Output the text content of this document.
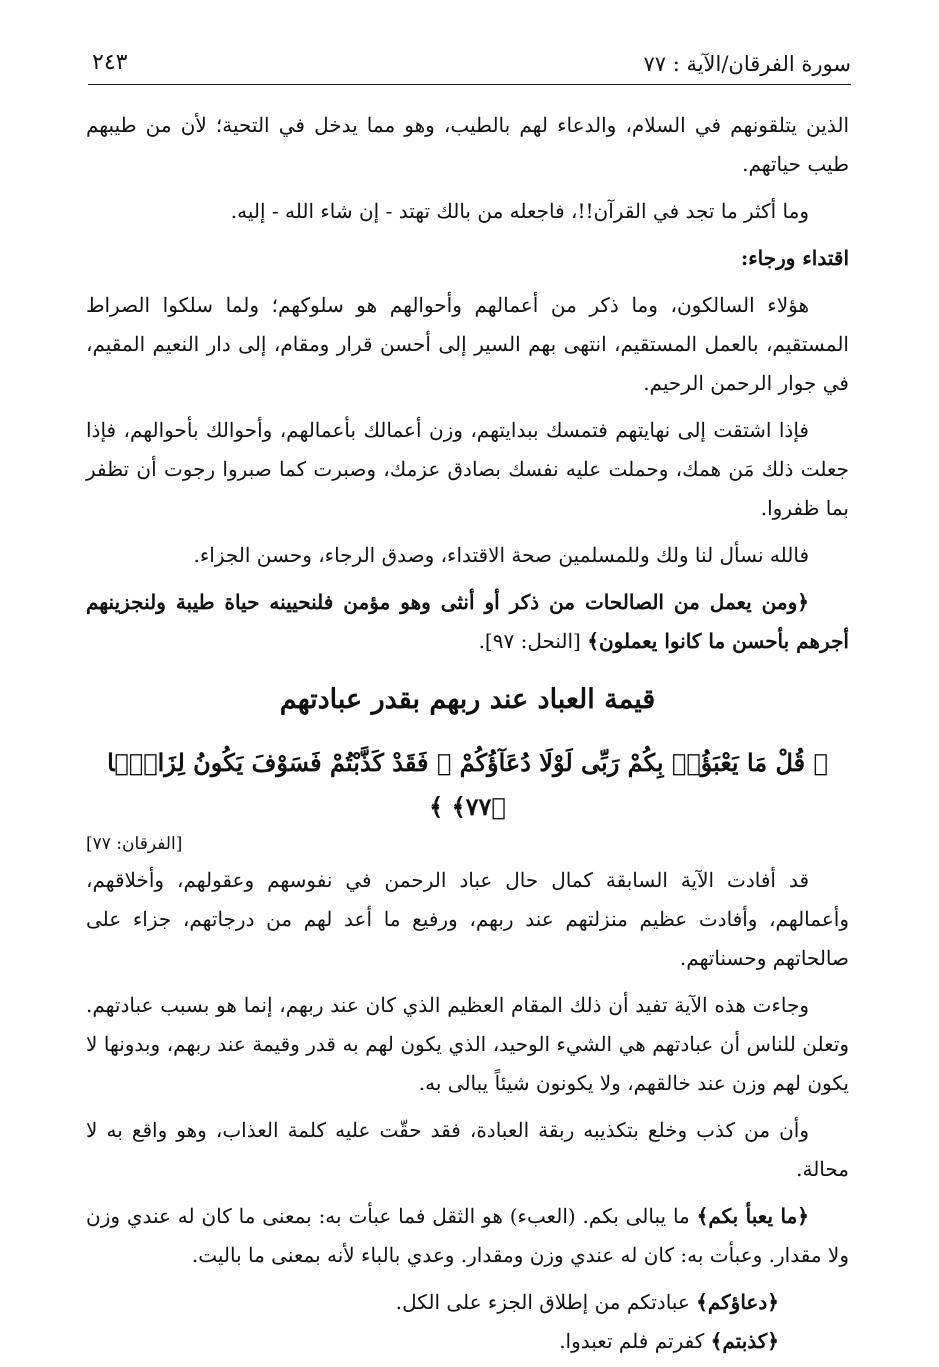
سورة الفرقان/الآية : ٧٧
٢٤٣

الذين يتلقونهم في السلام، والدعاء لهم بالطيب، وهو مما يدخل في التحية؛ لأن من طيبهم طيب حياتهم.

وما أكثر ما تجد في القرآن!!، فاجعله من بالك تهتد - إن شاء الله - إليه.

اقتداء ورجاء:

هؤلاء السالكون، وما ذكر من أعمالهم وأحوالهم هو سلوكهم؛ ولما سلكوا الصراط المستقيم، بالعمل المستقيم، انتهى بهم السير إلى أحسن قرار ومقام، إلى دار النعيم المقيم، في جوار الرحمن الرحيم.

فإذا اشتقت إلى نهايتهم فتمسك ببدايتهم، وزن أعمالك بأعمالهم، وأحوالك بأحوالهم، فإذا جعلت ذلك مَن همك، وحملت عليه نفسك بصادق عزمك، وصبرت كما صبروا رجوت أن تظفر بما ظفروا.

فالله نسأل لنا ولك وللمسلمين صحة الاقتداء، وصدق الرجاء، وحسن الجزاء.

﴿ومن يعمل من الصالحات من ذكر أو أنثى وهو مؤمن فلنحيينه حياة طيبة ولنجزينهم أجرهم بأحسن ما كانوا يعملون﴾ [النحل: ٩٧].

قيمة العباد عند ربهم بقدر عبادتهم
﴿ قُلْ مَا يَعْبَؤُا۟ بِكُمْ رَبِّى لَوْلَا دُعَآؤُكُمْ ۖ فَقَدْ كَذَّبْتُمْ فَسَوْفَ يَكُونُ لِزَامًۢا ﴿٧٧﴾ ﴾
[الفرقان: ٧٧]

قد أفادت الآية السابقة كمال حال عباد الرحمن في نفوسهم وعقولهم، وأخلاقهم، وأعمالهم، وأفادت عظيم منزلتهم عند ربهم، ورفيع ما أعد لهم من درجاتهم، جزاء على صالحاتهم وحسناتهم.

وجاءت هذه الآية تفيد أن ذلك المقام العظيم الذي كان عند ربهم، إنما هو بسبب عبادتهم. وتعلن للناس أن عبادتهم هي الشيء الوحيد، الذي يكون لهم به قدر وقيمة عند ربهم، وبدونها لا يكون لهم وزن عند خالقهم، ولا يكونون شيئاً يبالى به.

وأن من كذب وخلع بتكذيبه ربقة العبادة، فقد حقّت عليه كلمة العذاب، وهو واقع به لا محالة.

﴿ما يعبأ بكم﴾ ما يبالى بكم. (العبء) هو الثقل فما عبأت به: بمعنى ما كان له عندي وزن ولا مقدار. وعبأت به: كان له عندي وزن ومقدار. وعدي بالباء لأنه بمعنى ما باليت.

﴿دعاؤكم﴾ عبادتكم من إطلاق الجزء على الكل.

﴿كذبتم﴾ كفرتم فلم تعبدوا.
